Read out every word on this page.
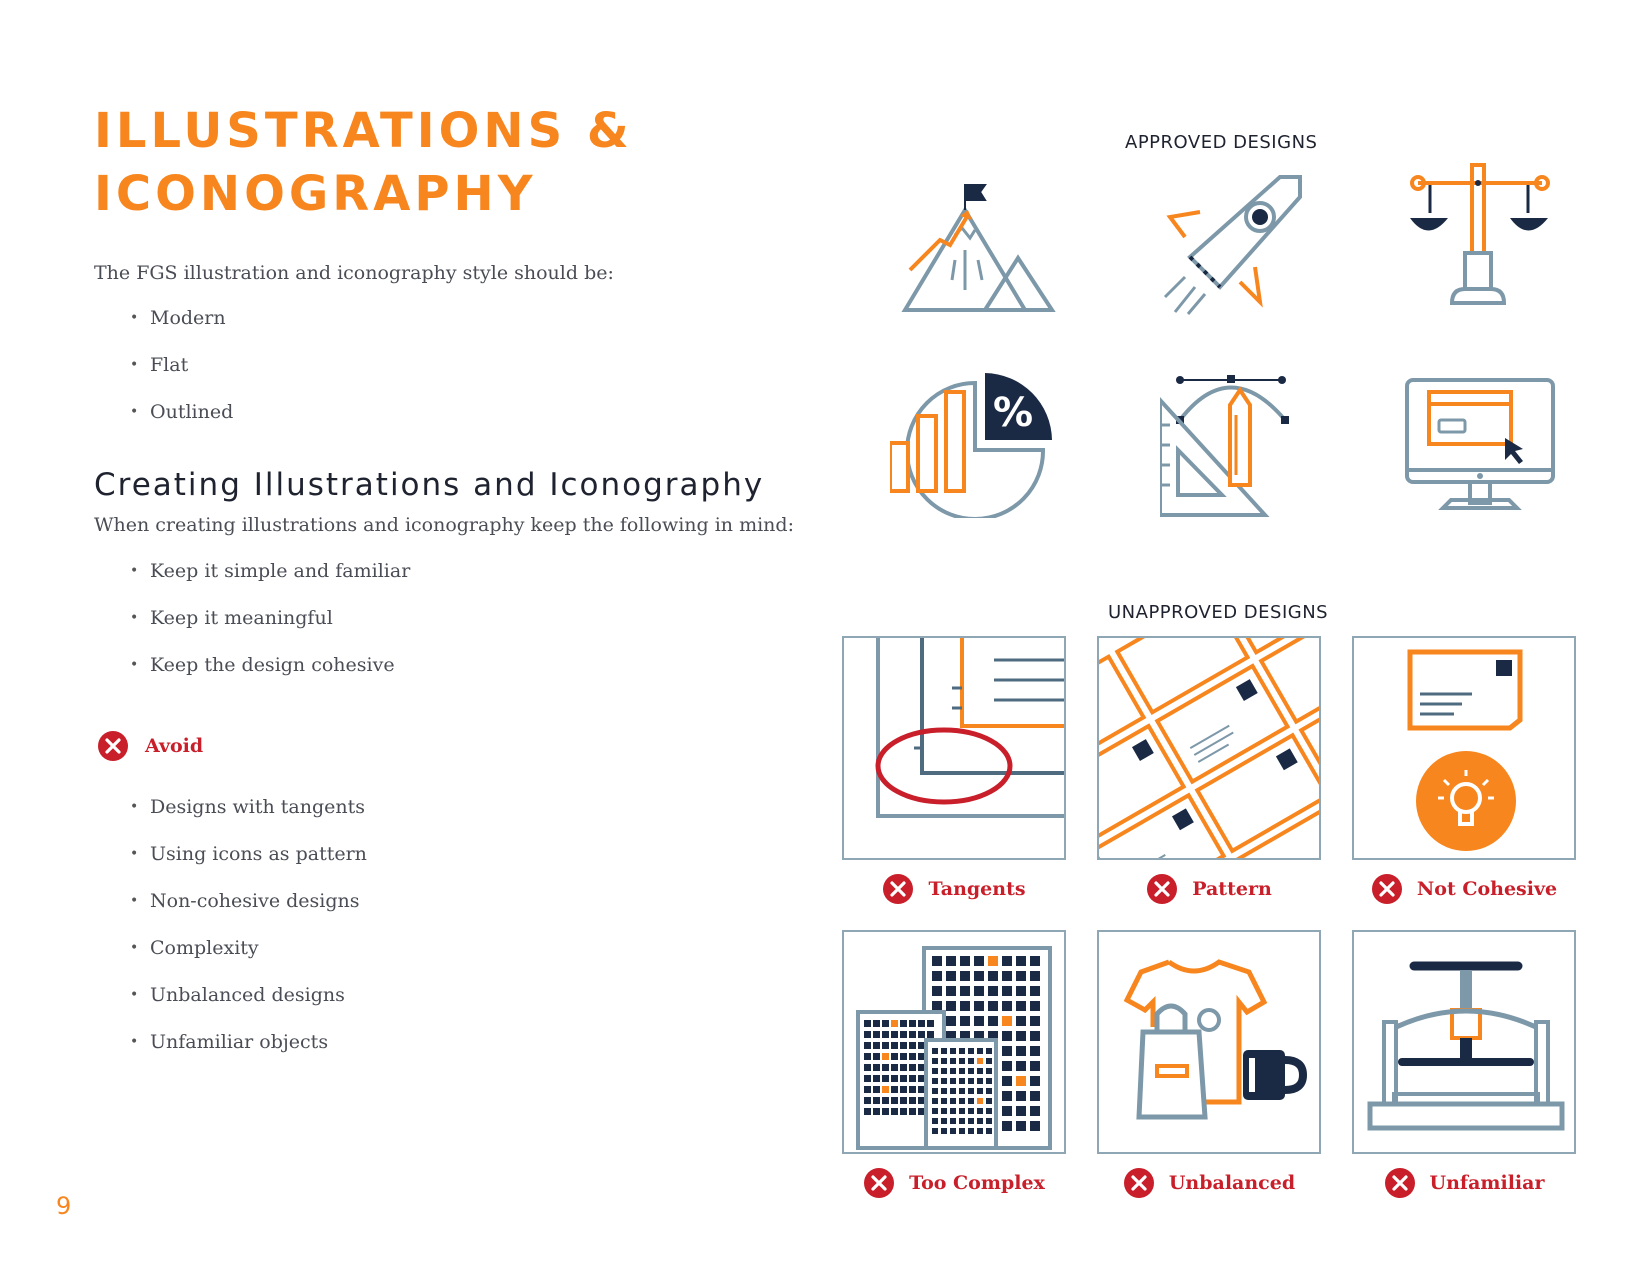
ILLUSTRATIONS &
ICONOGRAPHY

The FGS illustration and iconography style should be:

• Modern
• Flat
• Outlined
Creating Illustrations and Iconography

When creating illustrations and iconography keep the following in mind:

• Keep it simple and familiar
• Keep it meaningful
• Keep the design cohesive
Avoid
• Designs with tangents
• Using icons as pattern
• Non-cohesive designs
• Complexity
• Unbalanced designs
• Unfamiliar objects
9
APPROVED DESIGNS
%
UNAPPROVED DESIGNS
Tangents	Pattern	Not Cohesive
Too Complex	Unbalanced	Unfamiliar
